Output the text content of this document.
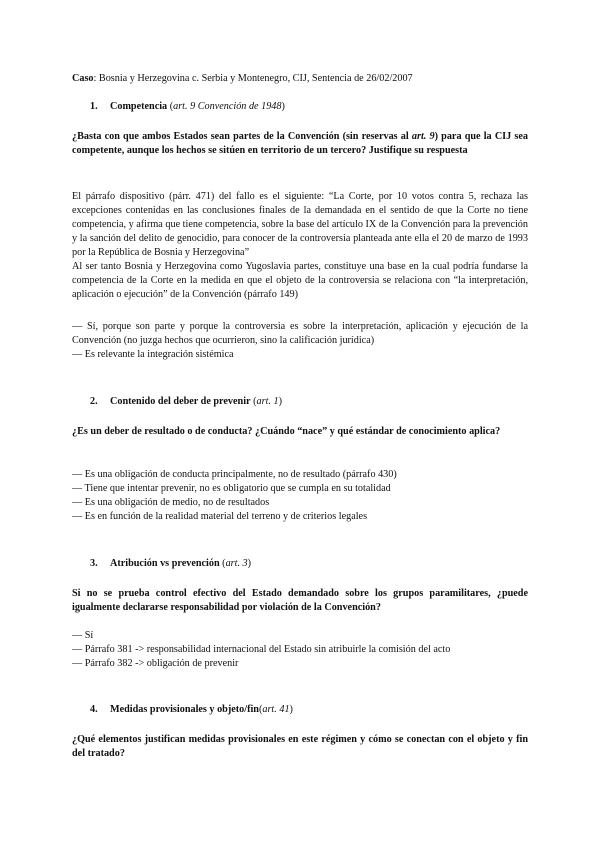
Caso: Bosnia y Herzegovina c. Serbia y Montenegro, CIJ, Sentencia de 26/02/2007

1. Competencia (art. 9 Convención de 1948)

¿Basta con que ambos Estados sean partes de la Convención (sin reservas al art. 9) para que la CIJ sea competente, aunque los hechos se sitúen en territorio de un tercero? Justifique su respuesta

El párrafo dispositivo (párr. 471) del fallo es el siguiente: “La Corte, por 10 votos contra 5, rechaza las excepciones contenidas en las conclusiones finales de la demandada en el sentido de que la Corte no tiene competencia, y afirma que tiene competencia, sobre la base del artículo IX de la Convención para la prevención y la sanción del delito de genocidio, para conocer de la controversia planteada ante ella el 20 de marzo de 1993 por la República de Bosnia y Herzegovina”

Al ser tanto Bosnia y Herzegovina como Yugoslavia partes, constituye una base en la cual podría fundarse la competencia de la Corte en la medida en que el objeto de la controversia se relaciona con “la interpretación, aplicación o ejecución” de la Convención (párrafo 149)

— Sí, porque son parte y porque la controversia es sobre la interpretación, aplicación y ejecución de la Convención (no juzga hechos que ocurrieron, sino la calificación jurídica)

— Es relevante la integración sistémica

2. Contenido del deber de prevenir (art. 1)

¿Es un deber de resultado o de conducta? ¿Cuándo “nace” y qué estándar de conocimiento aplica?

— Es una obligación de conducta principalmente, no de resultado (párrafo 430)

— Tiene que intentar prevenir, no es obligatorio que se cumpla en su totalidad

— Es una obligación de medio, no de resultados

— Es en función de la realidad material del terreno y de criterios legales

3. Atribución vs prevención (art. 3)

Si no se prueba control efectivo del Estado demandado sobre los grupos paramilitares, ¿puede igualmente declararse responsabilidad por violación de la Convención?

— Sí

— Párrafo 381 -> responsabilidad internacional del Estado sin atribuirle la comisión del acto

— Párrafo 382 -> obligación de prevenir

4. Medidas provisionales y objeto/fin(art. 41)

¿Qué elementos justifican medidas provisionales en este régimen y cómo se conectan con el objeto y fin del tratado?
